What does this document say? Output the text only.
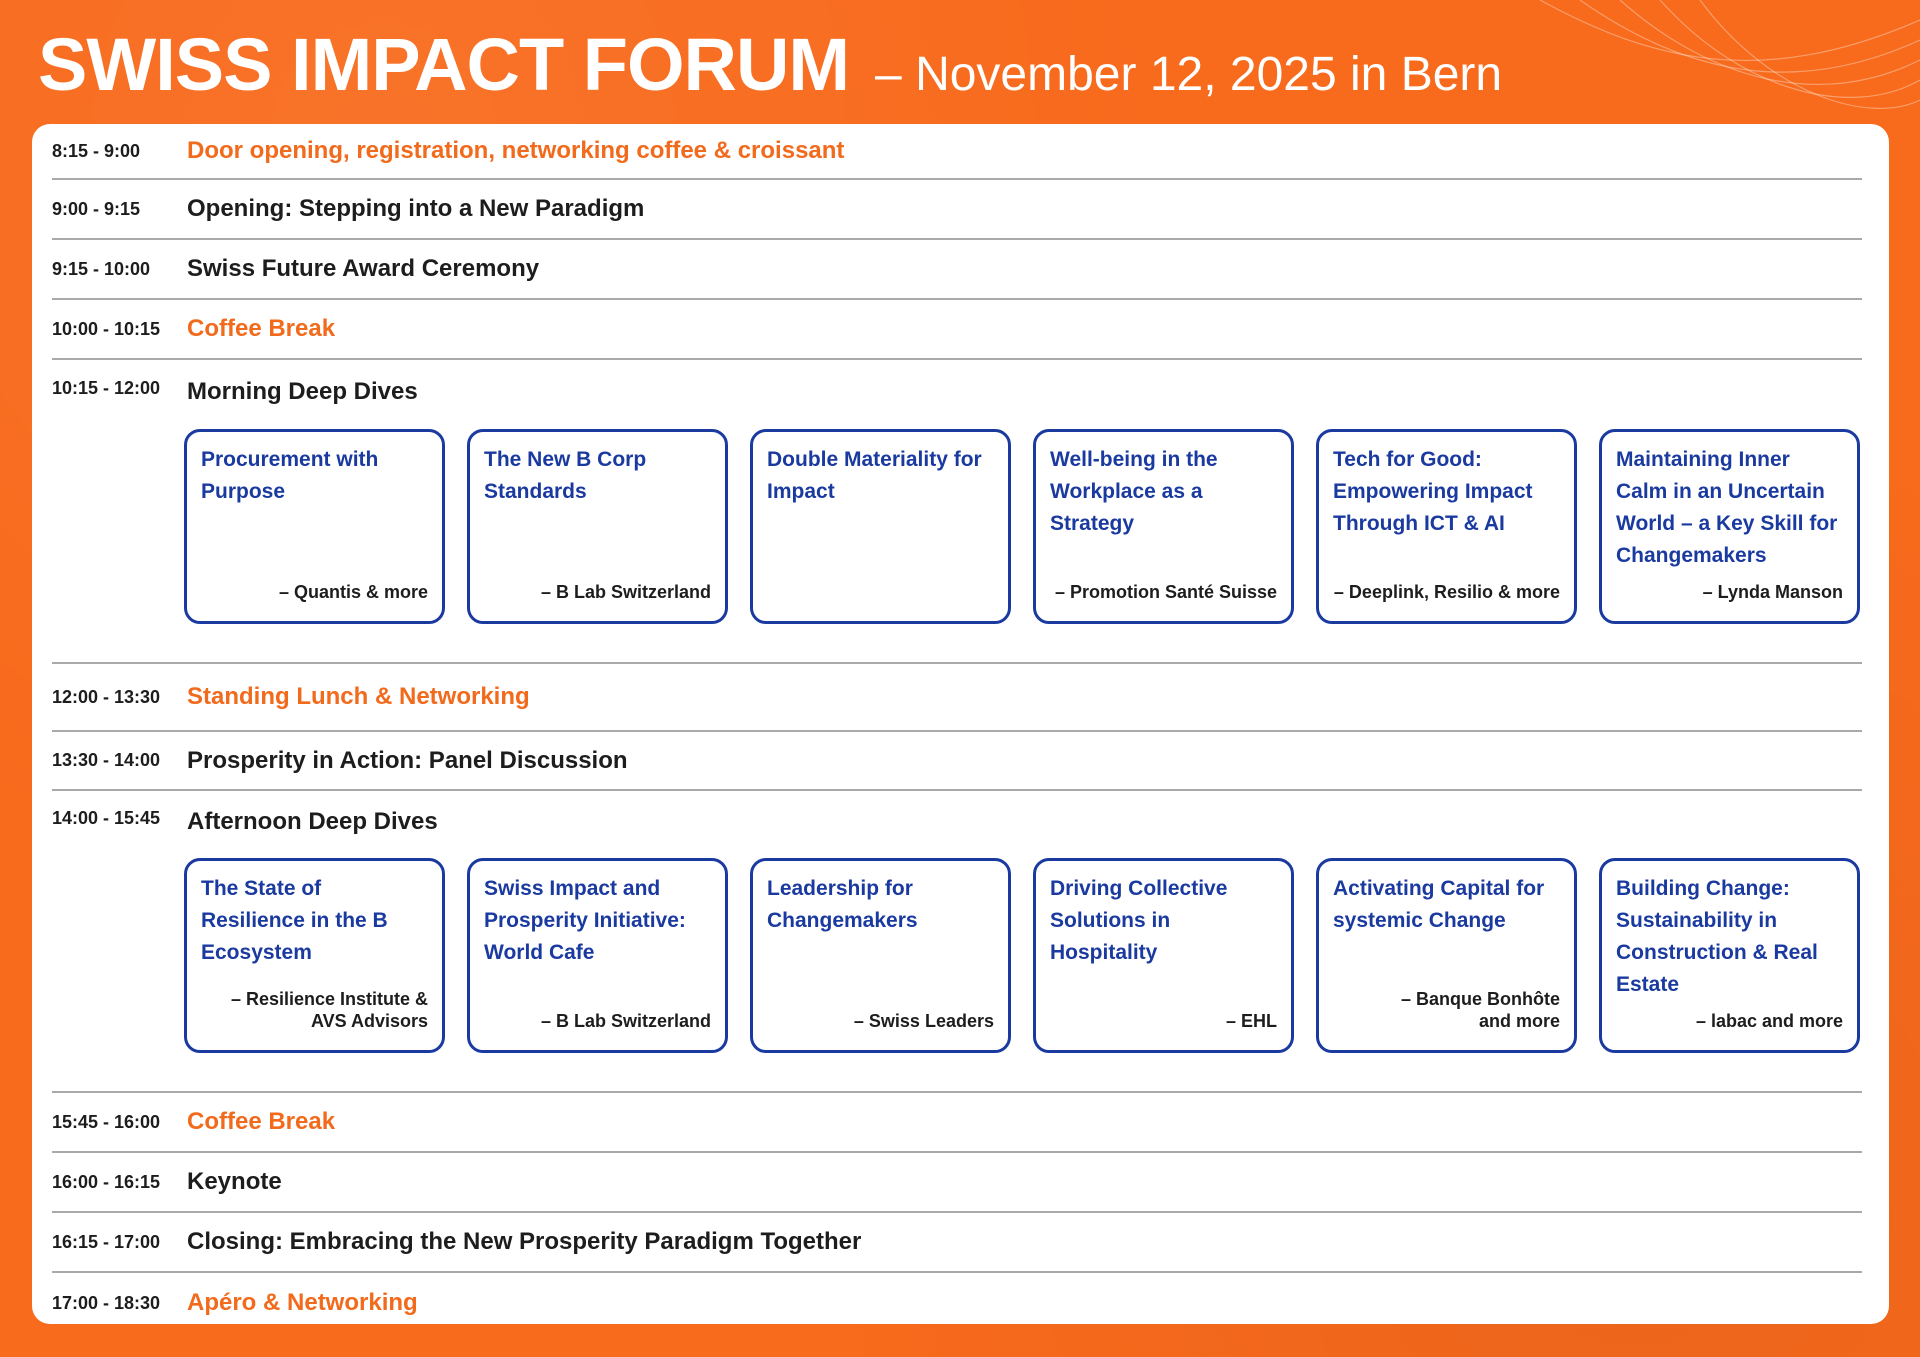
SWISS IMPACT FORUM – November 12, 2025 in Bern
8:15 - 9:00	Door opening, registration, networking coffee & croissant
9:00 - 9:15	Opening: Stepping into a New Paradigm
9:15 - 10:00	Swiss Future Award Ceremony
10:00 - 10:15	Coffee Break
10:15 - 12:00	Morning Deep Dives
Procurement with Purpose
– Quantis & more
The New B Corp Standards
– B Lab Switzerland
Double Materiality for Impact
Well-being in the Workplace as a Strategy
– Promotion Santé Suisse
Tech for Good: Empowering Impact Through ICT & AI
– Deeplink, Resilio & more
Maintaining Inner Calm in an Uncertain World – a Key Skill for Changemakers
– Lynda Manson
12:00 - 13:30	Standing Lunch & Networking
13:30 - 14:00	Prosperity in Action: Panel Discussion
14:00 - 15:45	Afternoon Deep Dives
The State of Resilience in the B Ecosystem
– Resilience Institute &
AVS Advisors
Swiss Impact and Prosperity Initiative: World Cafe
– B Lab Switzerland
Leadership for Changemakers
– Swiss Leaders
Driving Collective Solutions in Hospitality
– EHL
Activating Capital for systemic Change
– Banque Bonhôte
and more
Building Change: Sustainability in Construction & Real Estate
– labac and more
15:45 - 16:00	Coffee Break
16:00 - 16:15	Keynote
16:15 - 17:00	Closing: Embracing the New Prosperity Paradigm Together
17:00 - 18:30	Apéro & Networking
